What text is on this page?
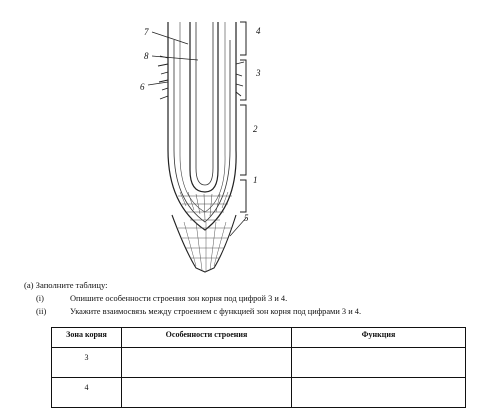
1
2
3
4
5
6
7
8
(а) Заполните таблицу:
(i)	Опишите особенности строения зон корня под цифрой 3 и 4.
(ii)	Укажите взаимосвязь между строением с функцией зон корня под цифрами 3 и 4.
Зона корня	Особенности строения	Функция
3		
4		
